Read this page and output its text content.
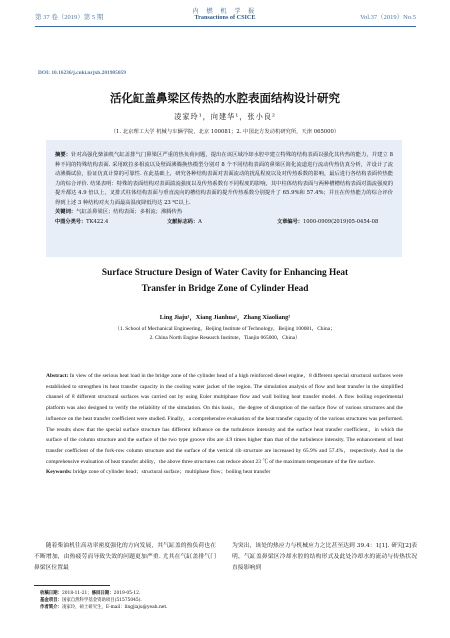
第 37 卷（2019）第 5 期
内 燃 机 学 报
Transactions of CSICE	Vol.37（2019）No.5
DOI: 10.16236/j.cnki.nrjxb.201905059
活化缸盖鼻梁区传热的水腔表面结构设计研究
凌家玲¹，向建华¹，张小良²
（1. 北京理工大学 机械与车辆学院，北京 100081；2. 中国北方发动机研究所，天津 065000）

摘要：针对高强化柴油机气缸盖排气门鼻梁区严重的热负荷问题，提出在该区域冷却水腔中建立特殊的结构表面以强化其传热的能力，并建立 8 种不同的特殊结构表面. 采用欧拉多相流以及壁面沸腾换热模型分别对 8 个不同结构表面的鼻梁区简化流道进行流动传热仿真分析，并设计了流动沸腾试验，验证仿真计算的可靠性. 在此基础上，研究各种结构表面对表面流动的扰乱程度以及对传热系数的影响，最后进行各结构表面传热能力的综合评价. 结果表明：特殊的表面结构对表面湍流强度以及传热系数有不同程度的影响，其中柱体结构表面与两种槽槽结构表面对湍流强度的提升都达 4.9 倍以上，叉排式柱体结构表面与垂直流向的槽结构表面的提升传热系数分别提升了 65.9%和 57.4%；并且在传热能力的综合评价得到上述 3 种结构对火力面最高温度降低均达 23 ℃以上.

关键词：气缸盖鼻梁区；结构表面；多相流；沸腾传热

中图分类号：TK422.4	文献标志码：A	文章编号：1000-0909(2019)05-0454-08
Surface Structure Design of Water Cavity for Enhancing Heat
Transfer in Bridge Zone of Cylinder Head
Ling Jiaju¹，Xiang Jianhua¹，Zhang Xiaoliang²
（1. School of Mechanical Engineering，Beijing Institute of Technology，Beijing 100081，China；
2. China North Engine Research Institute，Tianjin 065000，China）

Abstract: In view of the serious heat load in the bridge zone of the cylinder head of a high reinforced diesel engine，8 different special structural surfaces were established to strengthen its heat transfer capacity in the cooling water jacket of the region. The simulation analysis of flow and heat transfer in the simplified channel of 8 different structural surfaces was carried out by using Euler multiphase flow and wall boiling heat transfer model. A flow boiling experimental platform was also designed to verify the reliability of the simulation. On this basis，the degree of disruption of the surface flow of various structures and the influence on the heat transfer coefficient were studied. Finally，a comprehensive evaluation of the heat transfer capacity of the various structures was performed. The results show that the special surface structure has different influence on the turbulence intensity and the surface heat transfer coefficient，in which the surface of the column structure and the surface of the two type groove ribs are 4.9 times higher than that of the turbulence intensity. The enhancement of heat transfer coefficient of the fork-row column structure and the surface of the vertical rib structure are increased by 65.9% and 57.4%，respectively. And in the comprehensive evaluation of heat transfer ability，the above three structures can reduce about 23 ℃ of the maximum temperature of the fire surface.

Keywords: bridge zone of cylinder head；structural surface；multiphase flow；boiling heat transfer

随着柴油机往高功率密度强化的方向发展，其气缸盖的热负荷也在不断增加，由热疲劳而导致失效的问题更加严重. 尤其在气缸盖排气门鼻梁区位置最

为突出，该处的热应力与机械应力之比甚至达到 39.4：1[1]. 研究[2]表明，气缸盖鼻梁区冷却水腔的结构形式及此处冷却水的流动与传热状况直接影响到

收稿日期：2018-11-21；修回日期：2019-05-12.

基金项目：国家自然科学基金资助项目(51575045).

作者简介：凌家玲，硕士研究生，E-mail：lingjiaju@yeah.net.
